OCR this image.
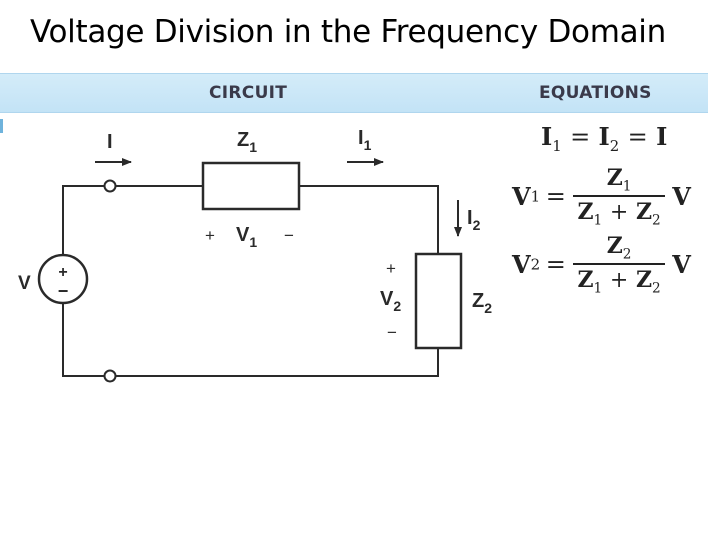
Voltage Division in the Frequency Domain
CIRCUIT	EQUATIONS
+
−
V
I	$I_1$
$I_2$
$Z_1$
$Z_2$
+ $V_1$ −
+
$V_2$
−
$I_1 = I_2 = I$
$V1 = \frac{Z_1}{Z_1 + Z_2}$ V
$V2 = \frac{Z_2}{Z_1 + Z_2}$ V
